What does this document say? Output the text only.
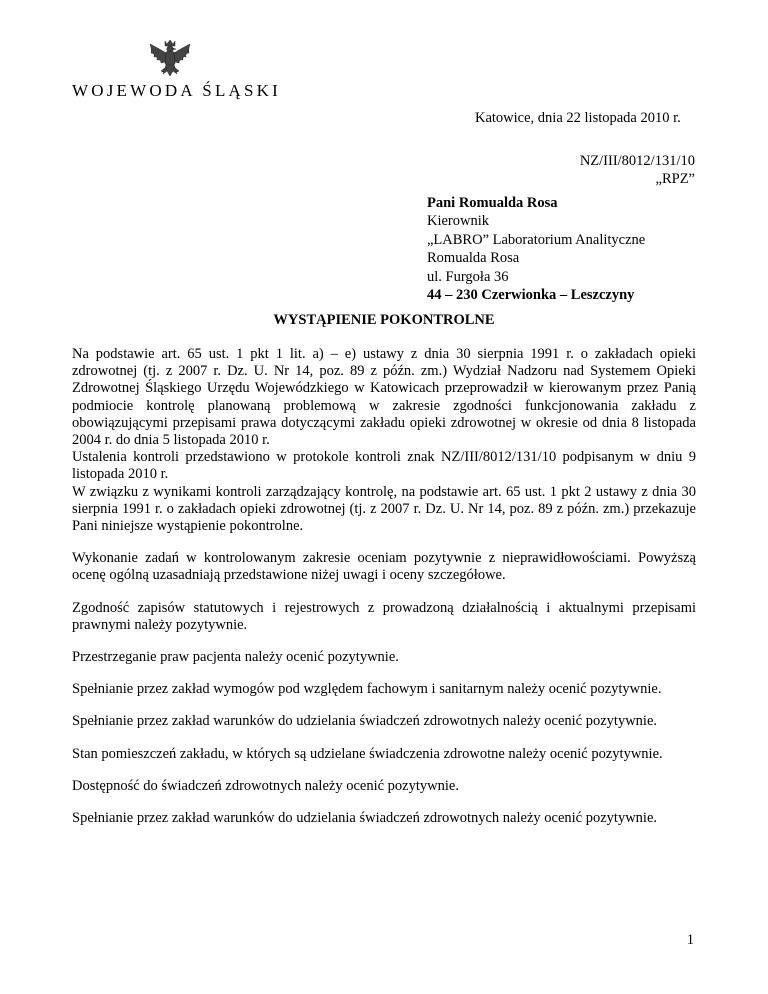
WOJEWODA ŚLĄSKI
Katowice, dnia 22 listopada 2010 r.
NZ/III/8012/131/10
„RPZ”
Pani Romualda Rosa
Kierownik
„LABRO” Laboratorium Analityczne
Romualda Rosa
ul. Furgoła 36
44 – 230 Czerwionka – Leszczyny
WYSTĄPIENIE POKONTROLNE
Na podstawie art. 65 ust. 1 pkt 1 lit. a) – e) ustawy z dnia 30 sierpnia 1991 r. o zakładach opieki zdrowotnej (tj. z 2007 r. Dz. U. Nr 14, poz. 89 z późn. zm.) Wydział Nadzoru nad Systemem Opieki Zdrowotnej Śląskiego Urzędu Wojewódzkiego w Katowicach przeprowadził w kierowanym przez Panią podmiocie kontrolę planowaną problemową w zakresie zgodności funkcjonowania zakładu z obowiązującymi przepisami prawa dotyczącymi zakładu opieki zdrowotnej w okresie od dnia 8 listopada 2004 r. do dnia 5 listopada 2010 r.
Ustalenia kontroli przedstawiono w protokole kontroli znak NZ/III/8012/131/10 podpisanym w dniu 9 listopada 2010 r.
W związku z wynikami kontroli zarządzający kontrolę, na podstawie art. 65 ust. 1 pkt 2 ustawy z dnia 30 sierpnia 1991 r. o zakładach opieki zdrowotnej (tj. z 2007 r. Dz. U. Nr 14, poz. 89 z późn. zm.) przekazuje Pani niniejsze wystąpienie pokontrolne.

Wykonanie zadań w kontrolowanym zakresie oceniam pozytywnie z nieprawidłowościami. Powyższą ocenę ogólną uzasadniają przedstawione niżej uwagi i oceny szczegółowe.

Zgodność zapisów statutowych i rejestrowych z prowadzoną działalnością i aktualnymi przepisami prawnymi należy pozytywnie.

Przestrzeganie praw pacjenta należy ocenić pozytywnie.

Spełnianie przez zakład wymogów pod względem fachowym i sanitarnym należy ocenić pozytywnie.

Spełnianie przez zakład warunków do udzielania świadczeń zdrowotnych należy ocenić pozytywnie.

Stan pomieszczeń zakładu, w których są udzielane świadczenia zdrowotne należy ocenić pozytywnie.

Dostępność do świadczeń zdrowotnych należy ocenić pozytywnie.

Spełnianie przez zakład warunków do udzielania świadczeń zdrowotnych należy ocenić pozytywnie.

1
